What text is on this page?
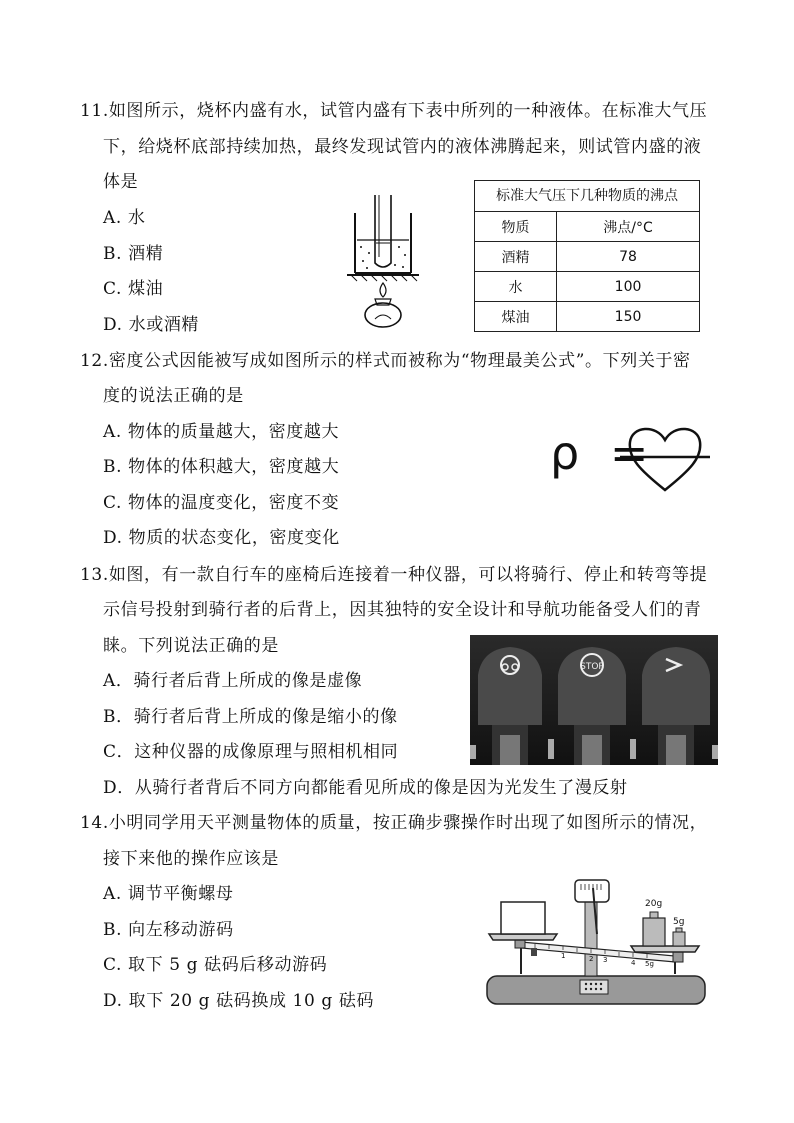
11.如图所示，烧杯内盛有水，试管内盛有下表中所列的一种液体。在标准大气压
下，给烧杯底部持续加热，最终发现试管内的液体沸腾起来，则试管内盛的液
体是
A. 水
B. 酒精
C. 煤油
D. 水或酒精
标准大气压下几种物质的沸点
物质	沸点/°C
酒精	78
水	100
煤油	150
12.密度公式因能被写成如图所示的样式而被称为“物理最美公式”。下列关于密
度的说法正确的是
A. 物体的质量越大，密度越大
B. 物体的体积越大，密度越大
C. 物体的温度变化，密度不变
D. 物质的状态变化，密度变化
ρ =
13.如图，有一款自行车的座椅后连接着一种仪器，可以将骑行、停止和转弯等提
示信号投射到骑行者的后背上，因其独特的安全设计和导航功能备受人们的青
睐。下列说法正确的是
A．骑行者后背上所成的像是虚像
B．骑行者后背上所成的像是缩小的像
C．这种仪器的成像原理与照相机相同
D．从骑行者背后不同方向都能看见所成的像是因为光发生了漫反射
STOP
14.小明同学用天平测量物体的质量，按正确步骤操作时出现了如图所示的情况，
接下来他的操作应该是
A. 调节平衡螺母
B. 向左移动游码
C. 取下 5 g 砝码后移动游码
D. 取下 20 g 砝码换成 10 g 砝码
1	2 3	4 5g
20g
5g
